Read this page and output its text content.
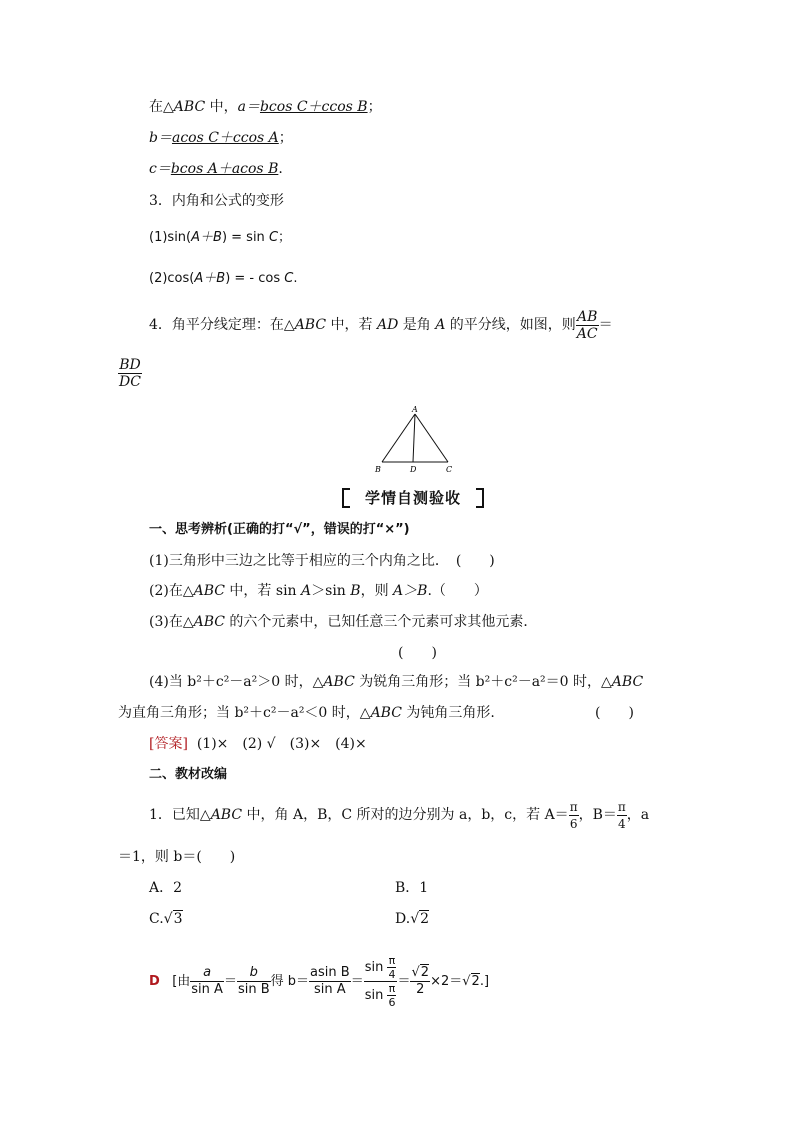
在△ABC 中，a＝bcos C＋ccos B；
b＝acos C＋ccos A；
c＝bcos A＋acos B.
3．内角和公式的变形
(1)sin(A＋B) = sin C；
(2)cos(A＋B) = - cos C.
4．角平分线定理：在△ABC 中，若 AD 是角 A 的平分线，如图，则 $\frac{AB}{AC}$ ＝
$\frac{BD}{DC}$
A
B	D	C
学情自测验收
一、思考辨析(正确的打“√”，错误的打“×”)
(1)三角形中三边之比等于相应的三个内角之比．　(　　)
(2)在△ABC 中，若 sin A＞sin B，则 A＞B.（　　）
(3)在△ABC 的六个元素中，已知任意三个元素可求其他元素．
(　　)
(4)当 b²＋c²－a²＞0 时，△ABC 为锐角三角形；当 b²＋c²－a²＝0 时，△ABC
为直角三角形；当 b²＋c²－a²＜0 时，△ABC 为钝角三角形.	(　　)
[答案] (1)×　(2) √　(3)×　(4)×
二、教材改编
1．已知△ABC 中，角 A，B，C 所对的边分别为 a，b，c，若 $A= \frac{\pi}{6}$ ，$B= \frac{\pi}{4}$ ，a
＝1，则 b＝(　　)
A．2	B．1
C.√3	D.√2
D [由 $\frac{a}{\text{sin A}} = \frac{b}{\text{sin B}}$ 得 $b= \frac{\text{asin B}}{\text{sin A}} = \frac{\sin \frac{\pi}{4}}{\sin \frac{\pi}{6}} = \frac{√2}{2} \times 2=√2$.]
